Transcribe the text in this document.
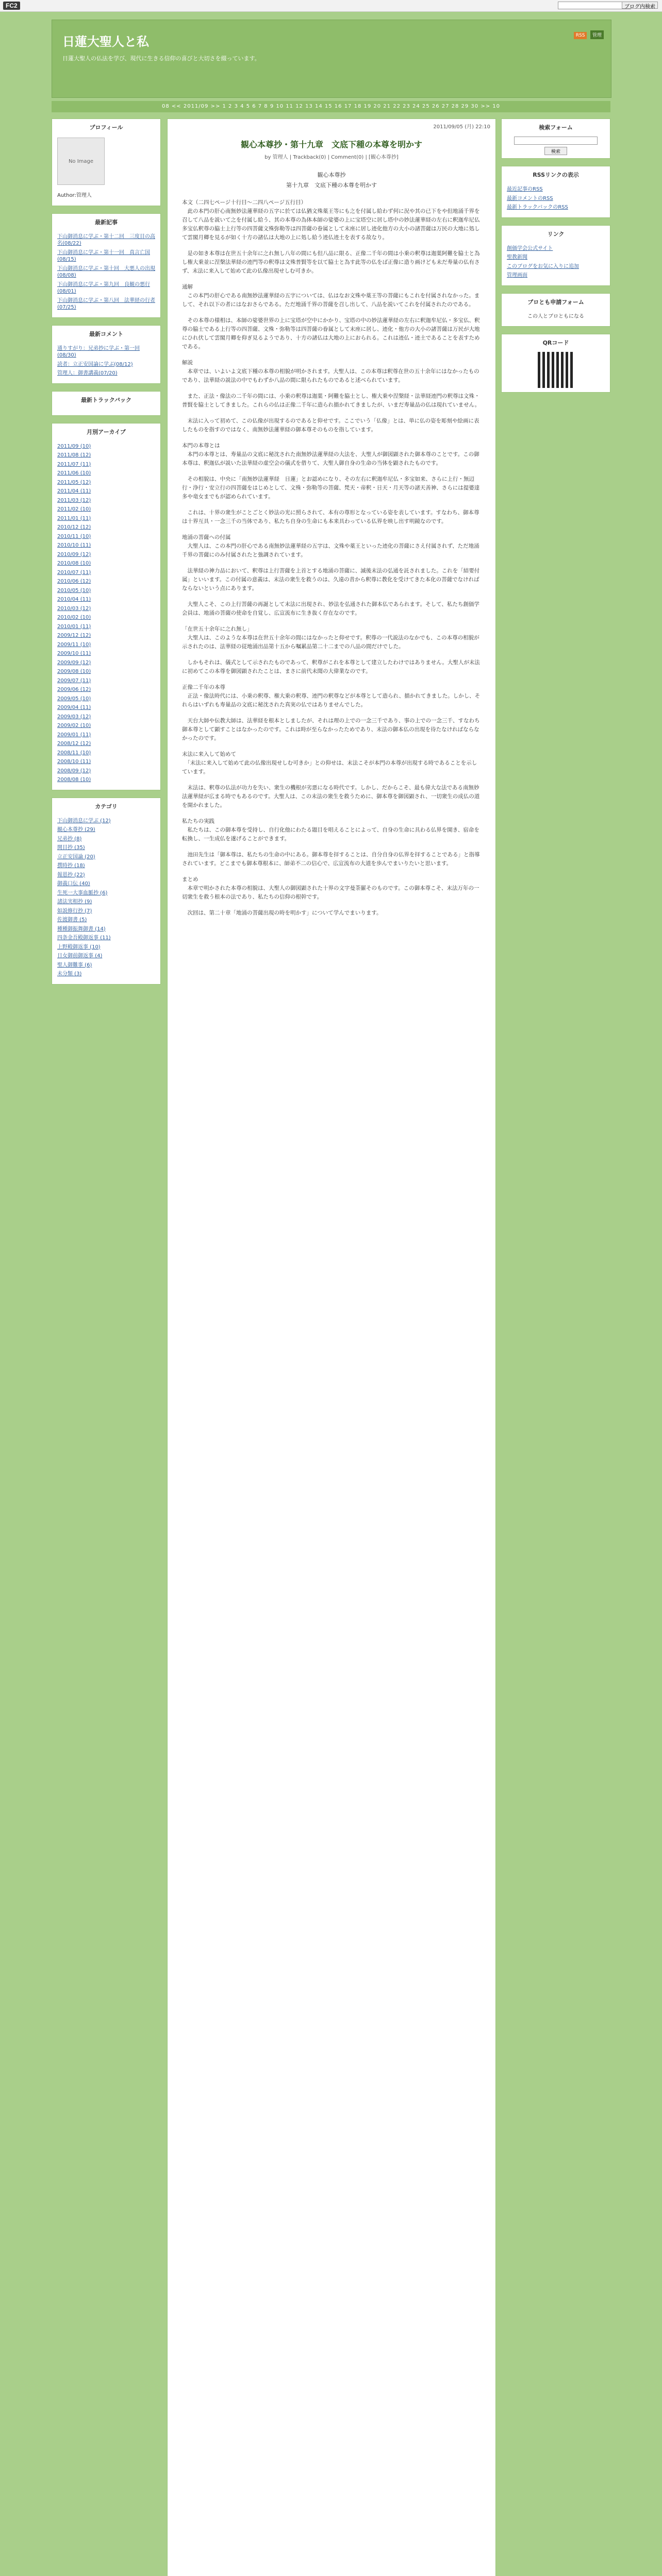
FC2	ブログ内検索
日蓮大聖人と私
日蓮大聖人の仏法を学び、現代に生きる信仰の喜びと大切さを綴っています。
RSS 管理
08 << 2011/09 >> 1 2 3 4 5 6 7 8 9 10 11 12 13 14 15 16 17 18 19 20 21 22 23 24 25 26 27 28 29 30 >> 10
プロフィール
No Image
Author:管理人
最新記事
下山御消息に学ぶ・第十二回　三度目の高名(08/22)
下山御消息に学ぶ・第十一回　真言亡国(08/15)
下山御消息に学ぶ・第十回　大悪人の出現(08/08)
下山御消息に学ぶ・第九回　良観の悪行(08/01)
下山御消息に学ぶ・第八回　法華経の行者(07/25)
最新コメント
通りすがり：兄弟抄に学ぶ・第一回(08/30)
読者：立正安国論に学ぶ(08/12)
管理人：御書講義(07/20)
最新トラックバック
月別アーカイブ
2011/09 (10)
2011/08 (12)
2011/07 (11)
2011/06 (10)
2011/05 (12)
2011/04 (11)
2011/03 (12)
2011/02 (10)
2011/01 (11)
2010/12 (12)
2010/11 (10)
2010/10 (11)
2010/09 (12)
2010/08 (10)
2010/07 (11)
2010/06 (12)
2010/05 (10)
2010/04 (11)
2010/03 (12)
2010/02 (10)
2010/01 (11)
2009/12 (12)
2009/11 (10)
2009/10 (11)
2009/09 (12)
2009/08 (10)
2009/07 (11)
2009/06 (12)
2009/05 (10)
2009/04 (11)
2009/03 (12)
2009/02 (10)
2009/01 (11)
2008/12 (12)
2008/11 (10)
2008/10 (11)
2008/09 (12)
2008/08 (10)
カテゴリ
下山御消息に学ぶ (12)
観心本尊抄 (29)
兄弟抄 (8)
開目抄 (35)
立正安国論 (20)
撰時抄 (18)
報恩抄 (22)
御義口伝 (40)
生死一大事血脈抄 (6)
諸法実相抄 (9)
如説修行抄 (7)
佐渡御書 (5)
種種御振舞御書 (14)
四条金吾殿御返事 (11)
上野殿御返事 (10)
日女御前御返事 (4)
聖人御難事 (6)
未分類 (3)
2011/09/05 (月) 22:10
観心本尊抄・第十九章　文底下種の本尊を明かす
by 管理人 | Trackback(0) | Comment(0) | [観心本尊抄]
観心本尊抄
第十九章　文底下種の本尊を明かす
本文（二四七ページ十行目〜二四八ページ五行目）
　此の本門の肝心南無妙法蓮華経の五字に於ては仏猶文殊薬王等にも之を付属し給わず何に況や其の已下をや但地涌千界を召して八品を説いて之を付属し給う、其の本尊の為体本師の娑婆の上に宝塔空に居し塔中の妙法蓮華経の左右に釈迦牟尼仏多宝仏釈尊の脇士上行等の四菩薩文殊弥勒等は四菩薩の眷属として末座に居し迹化他方の大小の諸菩薩は万民の大地に処して雲閣月卿を見るが如く十方の諸仏は大地の上に処し給う迹仏迹土を表する故なり。
　是の如き本尊は在世五十余年に之れ無し八年の間にも但八品に限る、正像二千年の間は小乗の釈尊は迦葉阿難を脇士と為し権大乗並に涅槃法華経の迹門等の釈尊は文殊普賢等を以て脇士と為す此等の仏をば正像に造り画けども未だ寿量の仏有さず、末法に来入して始めて此の仏像出現せしむ可きか。
通解
　この本門の肝心である南無妙法蓮華経の五字については、仏はなお文殊や薬王等の菩薩にもこれを付属されなかった。まして、それ以下の者にはなおさらである。ただ地涌千界の菩薩を召し出して、八品を説いてこれを付属されたのである。
　その本尊の様相は、本師の娑婆世界の上に宝塔が空中にかかり、宝塔の中の妙法蓮華経の左右に釈迦牟尼仏・多宝仏、釈尊の脇士である上行等の四菩薩、文殊・弥勒等は四菩薩の眷属として末座に居し、迹化・他方の大小の諸菩薩は万民が大地にひれ伏して雲閣月卿を仰ぎ見るようであり、十方の諸仏は大地の上におられる。これは迹仏・迹土であることを表すためである。
解説
　本章では、いよいよ文底下種の本尊の相貌が明かされます。大聖人は、この本尊は釈尊在世の五十余年にはなかったものであり、法華経の説法の中でもわずか八品の間に限られたものであると述べられています。
　また、正法・像法の二千年の間には、小乗の釈尊は迦葉・阿難を脇士とし、権大乗や涅槃経・法華経迹門の釈尊は文殊・普賢を脇士としてきました。これらの仏は正像二千年に造られ描かれてきましたが、いまだ寿量品の仏は現れていません。
　末法に入って初めて、この仏像が出現するのであると仰せです。ここでいう「仏像」とは、単に仏の姿を彫刻や絵画に表したものを指すのではなく、南無妙法蓮華経の御本尊そのものを指しています。
本門の本尊とは
　本門の本尊とは、寿量品の文底に秘沈された南無妙法蓮華経の大法を、大聖人が御図顕された御本尊のことです。この御本尊は、釈迦仏が説いた法華経の虚空会の儀式を借りて、大聖人御自身の生命の当体を顕されたものです。
　その相貌は、中央に「南無妙法蓮華経　日蓮」とお認めになり、その左右に釈迦牟尼仏・多宝如来、さらに上行・無辺行・浄行・安立行の四菩薩をはじめとして、文殊・弥勒等の菩薩、梵天・帝釈・日天・月天等の諸天善神、さらには提婆達多や竜女までもが認められています。
　これは、十界の衆生がことごとく妙法の光に照らされて、本有の尊形となっている姿を表しています。すなわち、御本尊は十界互具・一念三千の当体であり、私たち自身の生命にも本来具わっている仏界を映し出す明鏡なのです。
地涌の菩薩への付属
　大聖人は、この本門の肝心である南無妙法蓮華経の五字は、文殊や薬王といった迹化の菩薩にさえ付属されず、ただ地涌千界の菩薩にのみ付属されたと強調されています。
　法華経の神力品において、釈尊は上行菩薩を上首とする地涌の菩薩に、滅後末法の弘通を託されました。これを「結要付属」といいます。この付属の意義は、末法の衆生を救うのは、久遠の昔から釈尊に教化を受けてきた本化の菩薩でなければならないという点にあります。
　大聖人こそ、この上行菩薩の再誕として末法に出現され、妙法を弘通された御本仏であられます。そして、私たち創価学会員は、地涌の菩薩の使命を自覚し、広宣流布に生き抜く存在なのです。
「在世五十余年に之れ無し」
　大聖人は、このような本尊は在世五十余年の間にはなかったと仰せです。釈尊の一代説法のなかでも、この本尊の相貌が示されたのは、法華経の従地涌出品第十五から嘱累品第二十二までの八品の間だけでした。
　しかもそれは、儀式として示されたものであって、釈尊がこれを本尊として建立したわけではありません。大聖人が末法に初めてこの本尊を御図顕されたことは、まさに前代未聞の大偉業なのです。
正像二千年の本尊
　正法・像法時代には、小乗の釈尊、権大乗の釈尊、迹門の釈尊などが本尊として造られ、描かれてきました。しかし、それらはいずれも寿量品の文底に秘沈された真実の仏ではありませんでした。
　天台大師や伝教大師は、法華経を根本としましたが、それは理の上での一念三千であり、事の上での一念三千、すなわち御本尊として顕すことはなかったのです。これは時が至らなかったためであり、末法の御本仏の出現を待たなければならなかったのです。
末法に来入して始めて
　「末法に来入して始めて此の仏像出現せしむ可きか」との仰せは、末法こそが本門の本尊が出現する時であることを示しています。
　末法は、釈尊の仏法が功力を失い、衆生の機根が劣悪になる時代です。しかし、だからこそ、最も偉大な法である南無妙法蓮華経が広まる時でもあるのです。大聖人は、この末法の衆生を救うために、御本尊を御図顕され、一切衆生の成仏の道を開かれました。
私たちの実践
　私たちは、この御本尊を受持し、自行化他にわたる題目を唱えることによって、自身の生命に具わる仏界を開き、宿命を転換し、一生成仏を遂げることができます。
　池田先生は「御本尊は、私たちの生命の中にある。御本尊を拝することは、自分自身の仏界を拝することである」と指導されています。どこまでも御本尊根本に、師弟不二の信心で、広宣流布の大道を歩んでまいりたいと思います。
まとめ
　本章で明かされた本尊の相貌は、大聖人の御図顕された十界の文字曼荼羅そのものです。この御本尊こそ、末法万年の一切衆生を救う根本の法であり、私たちの信仰の根幹です。
　次回は、第二十章「地涌の菩薩出現の時を明かす」について学んでまいります。
検索フォーム
検索
RSSリンクの表示
最近記事のRSS
最新コメントのRSS
最新トラックバックのRSS
リンク
創価学会公式サイト
聖教新聞
このブログをお気に入りに追加
管理画面
ブロとも申請フォーム
この人とブロともになる
QRコード
